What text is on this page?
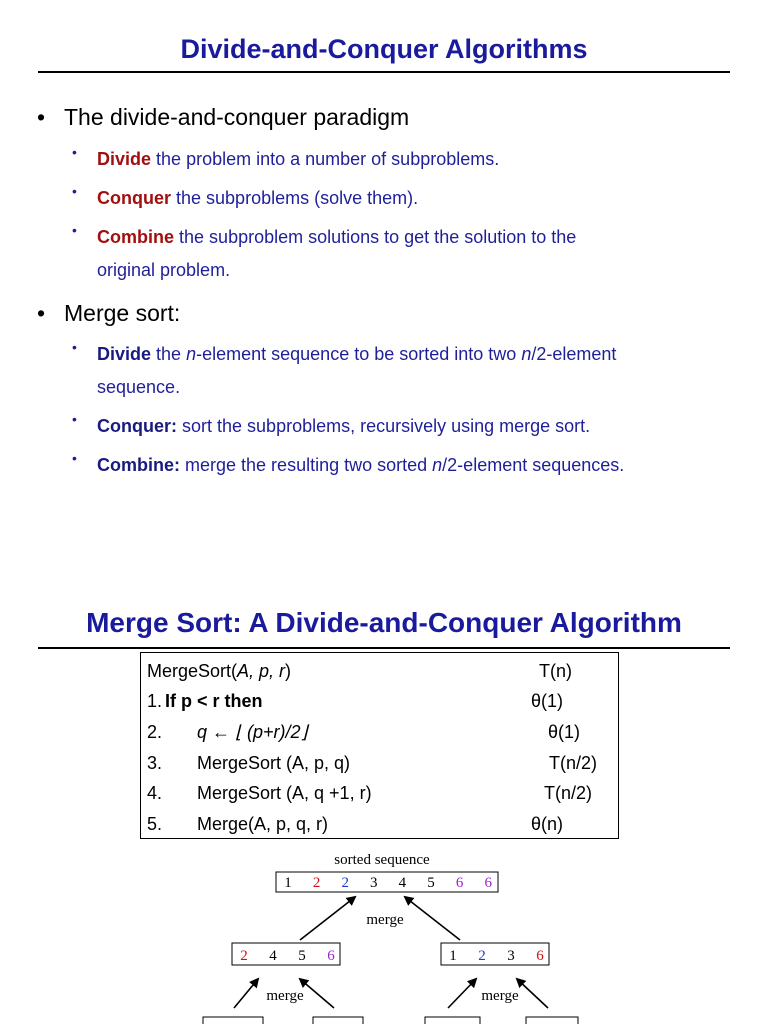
Divide-and-Conquer Algorithms
• The divide-and-conquer paradigm
• Divide the problem into a number of subproblems.
• Conquer the subproblems (solve them).
• Combine the subproblem solutions to get the solution to the
original problem.
• Merge sort:
• Divide the n-element sequence to be sorted into two n/2-element
sequence.
• Conquer: sort the subproblems, recursively using merge sort.
• Combine: merge the resulting two sorted n/2-element sequences.
Merge Sort: A Divide-and-Conquer Algorithm
MergeSort(A, p, r)	T(n)
1. If p < r then	θ(1)
2. q ← ⌊ (p+r)/2⌋	θ(1)
3. MergeSort (A, p, q)	T(n/2)
4. MergeSort (A, q +1, r)	T(n/2)
5. Merge(A, p, q, r)	θ(n)
sorted sequence
1 2 2 3 4 5 6 6
2 4 5 6	1 2 3 6
merge
merge	merge
